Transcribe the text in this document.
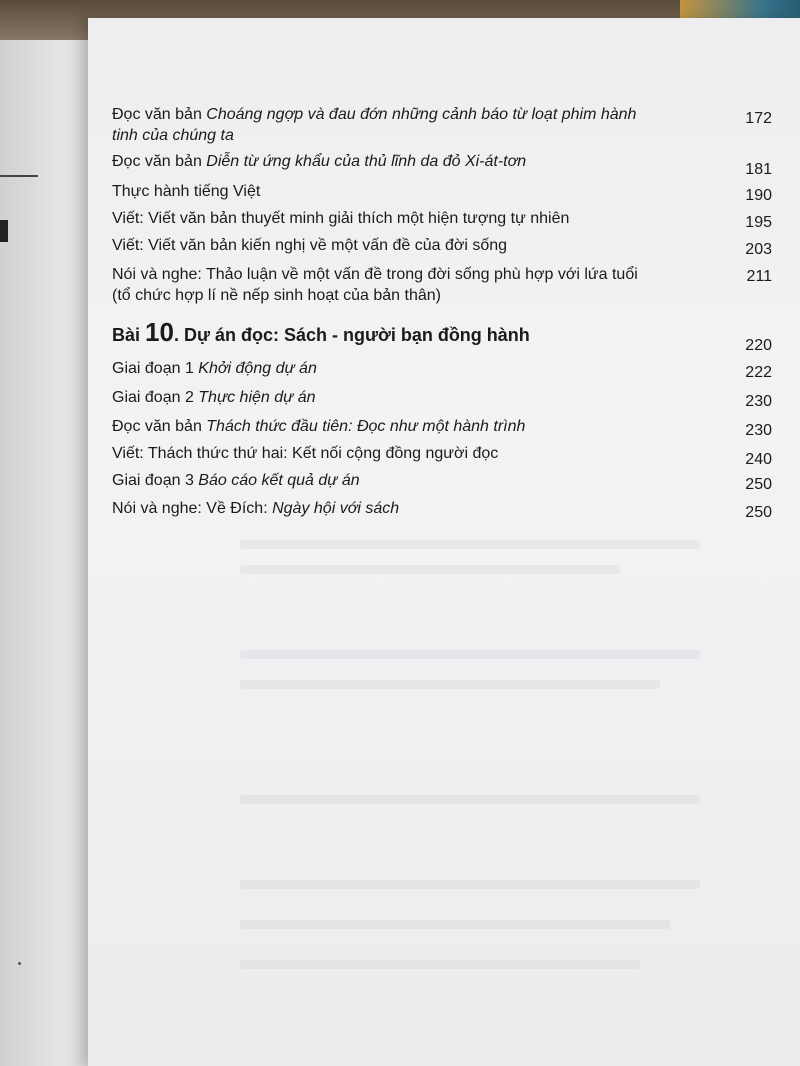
Đọc văn bản Choáng ngợp và đau đớn những cảnh báo từ loạt phim hành
tinh của chúng ta
172
Đọc văn bản Diễn từ ứng khẩu của thủ lĩnh da đỏ Xi-át-tơn	181
Thực hành tiếng Việt	190
Viết: Viết văn bản thuyết minh giải thích một hiện tượng tự nhiên	195
Viết: Viết văn bản kiến nghị về một vấn đề của đời sống	203
Nói và nghe: Thảo luận về một vấn đề trong đời sống phù hợp với lứa tuổi
(tổ chức hợp lí nề nếp sinh hoạt của bản thân)
211
Bài 10. Dự án đọc: Sách - người bạn đồng hành
220
Giai đoạn 1 Khởi động dự án	222
Giai đoạn 2 Thực hiện dự án	230
Đọc văn bản Thách thức đầu tiên: Đọc như một hành trình	230
Viết: Thách thức thứ hai: Kết nối cộng đồng người đọc	240
Giai đoạn 3 Báo cáo kết quả dự án	250
Nói và nghe: Về Đích: Ngày hội với sách	250
